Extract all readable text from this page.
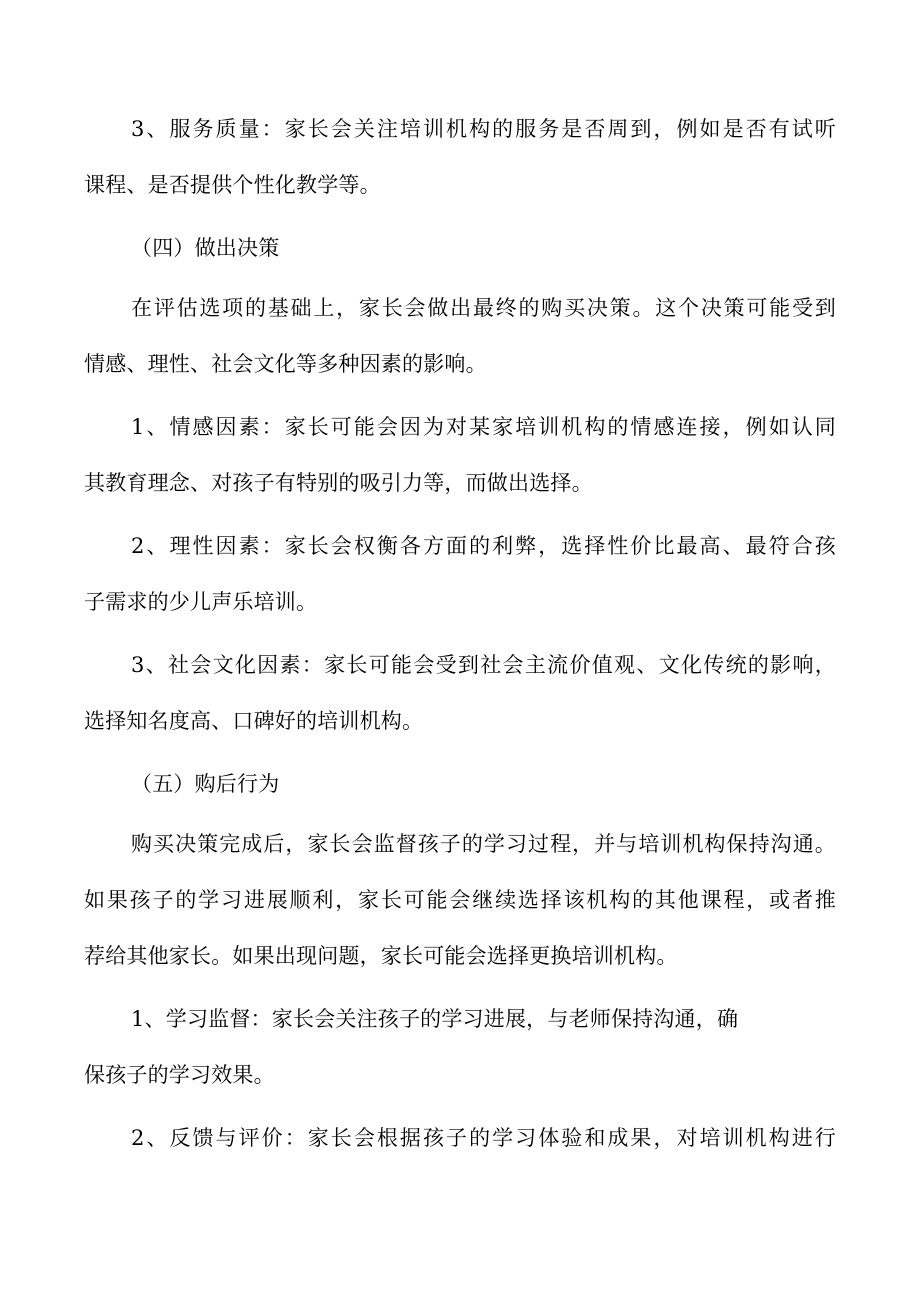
3、服务质量：家长会关注培训机构的服务是否周到，例如是否有试听
课程、是否提供个性化教学等。
（四）做出决策
在评估选项的基础上，家长会做出最终的购买决策。这个决策可能受到
情感、理性、社会文化等多种因素的影响。
1、情感因素：家长可能会因为对某家培训机构的情感连接，例如认同
其教育理念、对孩子有特别的吸引力等，而做出选择。
2、理性因素：家长会权衡各方面的利弊，选择性价比最高、最符合孩
子需求的少儿声乐培训。
3、社会文化因素：家长可能会受到社会主流价值观、文化传统的影响，
选择知名度高、口碑好的培训机构。
（五）购后行为
购买决策完成后，家长会监督孩子的学习过程，并与培训机构保持沟通。
如果孩子的学习进展顺利，家长可能会继续选择该机构的其他课程，或者推
荐给其他家长。如果出现问题，家长可能会选择更换培训机构。
1、学习监督：家长会关注孩子的学习进展，与老师保持沟通，确
保孩子的学习效果。
2、反馈与评价：家长会根据孩子的学习体验和成果，对培训机构进行
